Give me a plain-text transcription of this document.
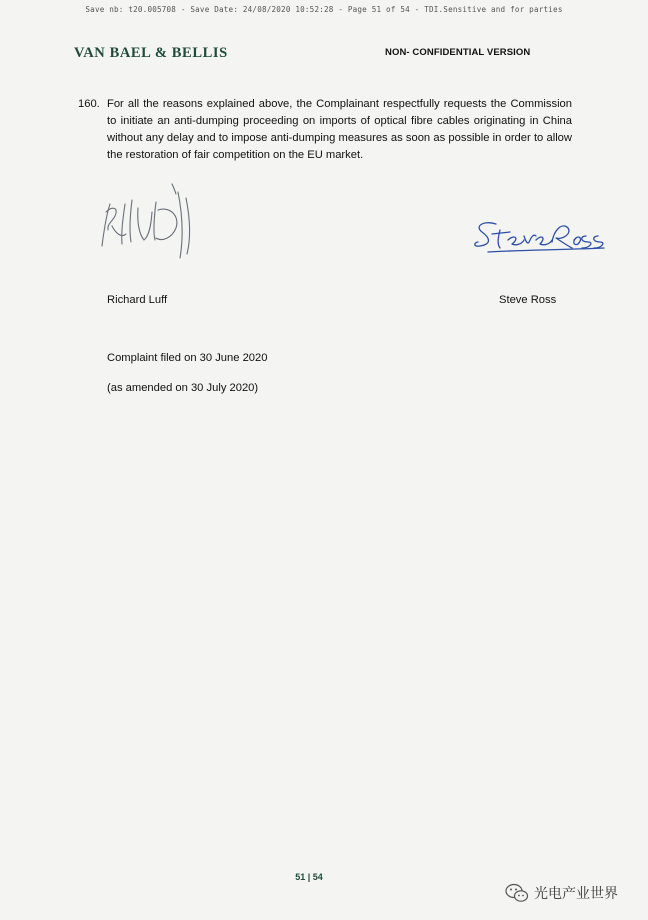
Save nb: t20.005708 - Save Date: 24/08/2020 10:52:28 - Page 51 of 54 - TDI.Sensitive and for parties
VAN BAEL & BELLIS	NON- CONFIDENTIAL VERSION
160. For all the reasons explained above, the Complainant respectfully requests the Commission to initiate an anti-dumping proceeding on imports of optical fibre cables originating in China without any delay and to impose anti-dumping measures as soon as possible in order to allow the restoration of fair competition on the EU market.
Richard Luff	Steve Ross
Complaint filed on 30 June 2020
(as amended on 30 July 2020)
51 | 54
光电产业世界
